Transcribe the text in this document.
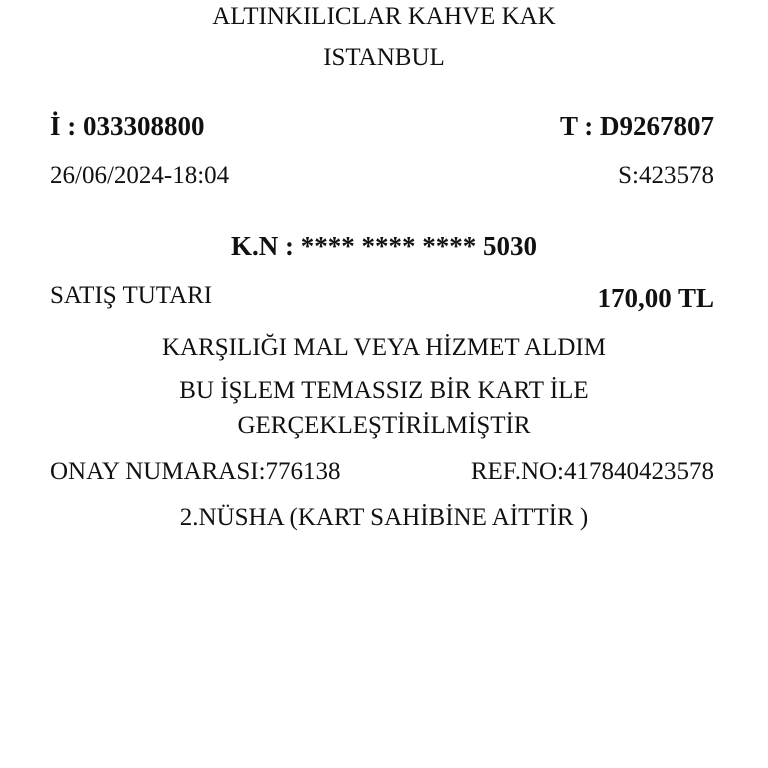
ALTINKILICLAR KAHVE KAK
ISTANBUL
İ : 033308800	T : D9267807
26/06/2024-18:04	S:423578
K.N : **** **** **** 5030
SATIŞ TUTARI	170,00 TL
KARŞILIĞI MAL VEYA HİZMET ALDIM
BU İŞLEM TEMASSIZ BİR KART İLE
GERÇEKLEŞTİRİLMİŞTİR
ONAY NUMARASI:776138	REF.NO:417840423578
2.NÜSHA (KART SAHİBİNE AİTTİR )
